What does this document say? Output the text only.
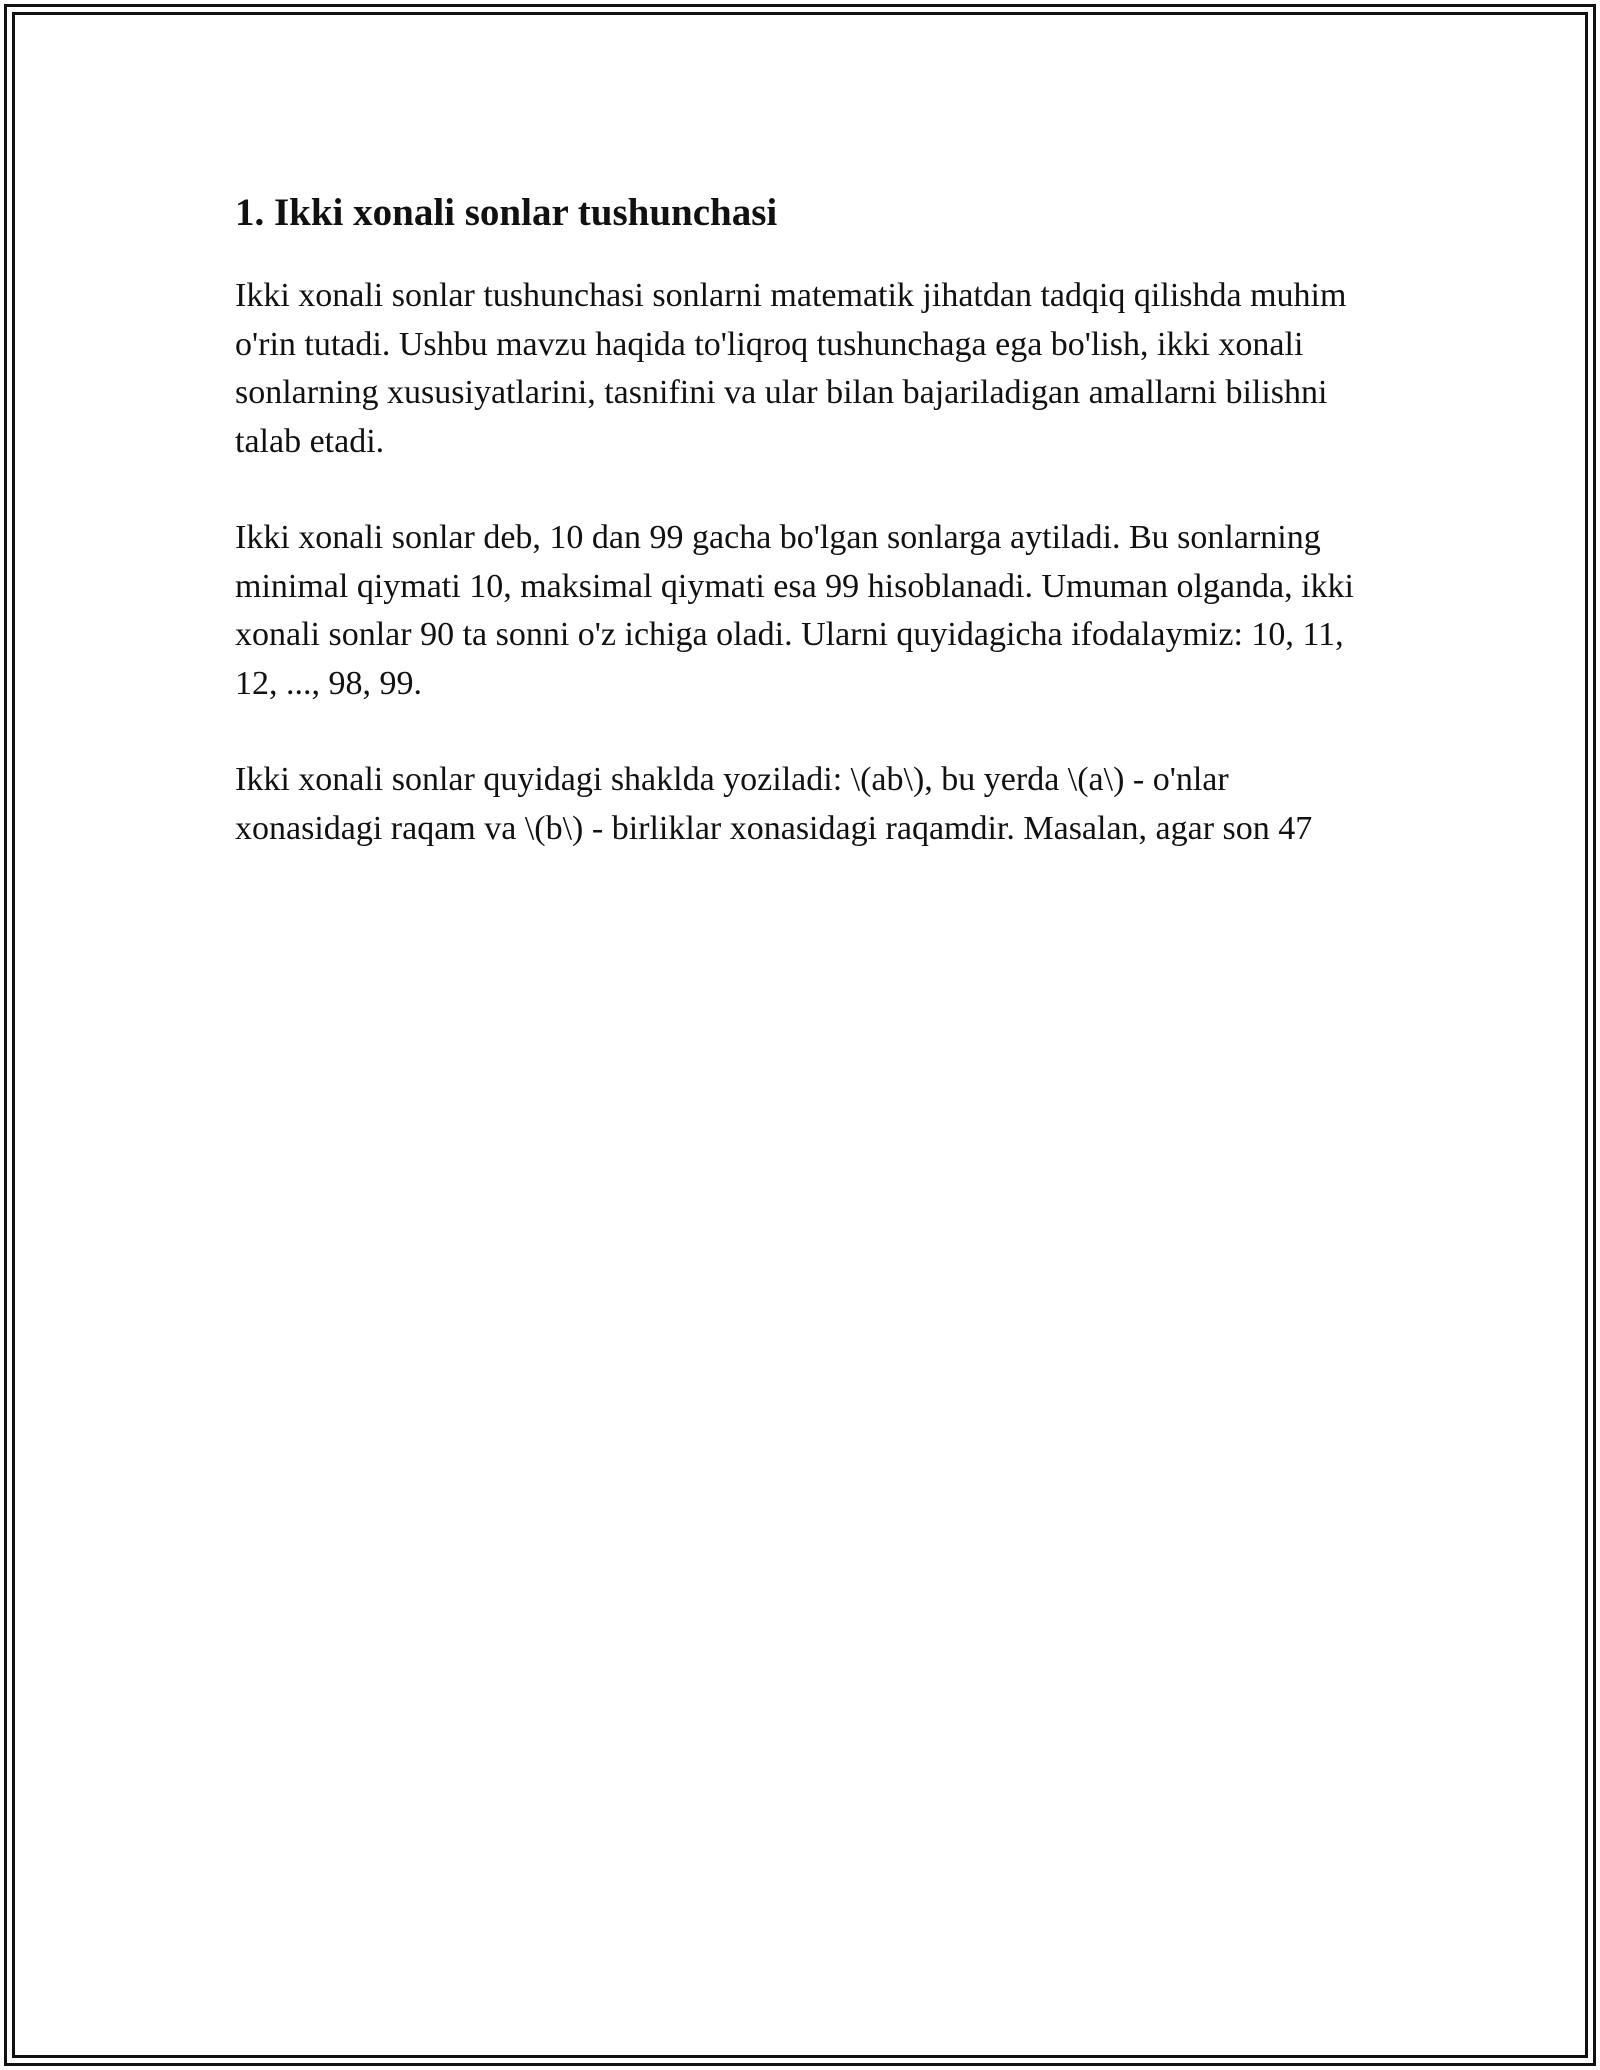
1. Ikki xonali sonlar tushunchasi

Ikki xonali sonlar tushunchasi sonlarni matematik jihatdan tadqiq qilishda muhim o'rin tutadi. Ushbu mavzu haqida to'liqroq tushunchaga ega bo'lish, ikki xonali sonlarning xususiyatlarini, tasnifini va ular bilan bajariladigan amallarni bilishni talab etadi.

Ikki xonali sonlar deb, 10 dan 99 gacha bo'lgan sonlarga aytiladi. Bu sonlarning minimal qiymati 10, maksimal qiymati esa 99 hisoblanadi. Umuman olganda, ikki xonali sonlar 90 ta sonni o'z ichiga oladi. Ularni quyidagicha ifodalaymiz: 10, 11, 12, ..., 98, 99.

Ikki xonali sonlar quyidagi shaklda yoziladi: \(ab\), bu yerda \(a\) - o'nlar xonasidagi raqam va \(b\) - birliklar xonasidagi raqamdir. Masalan, agar son 47
